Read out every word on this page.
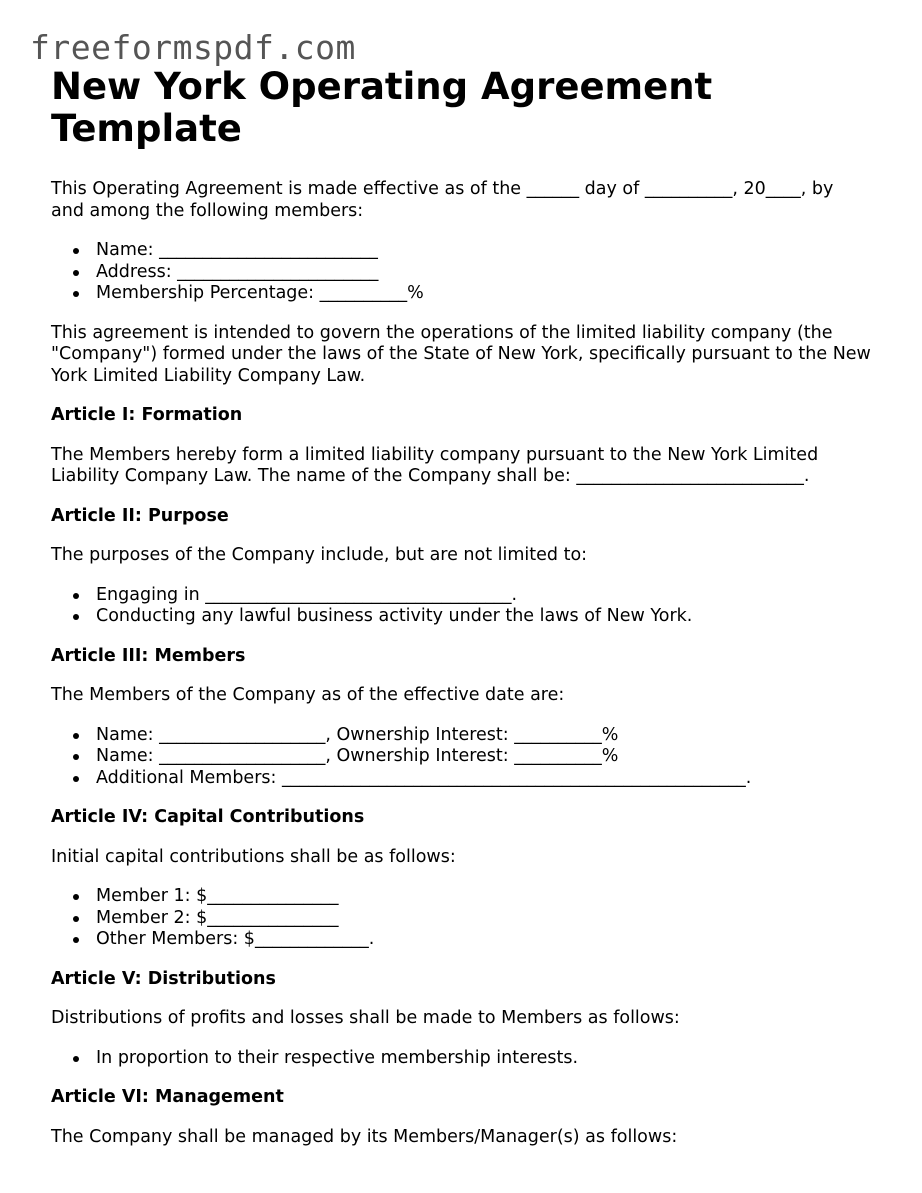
freeformspdf.com
New York Operating Agreement Template

This Operating Agreement is made effective as of the ______ day of __________, 20____, by and among the following members:

Name: _________________________
Address: _______________________
Membership Percentage: __________%

This agreement is intended to govern the operations of the limited liability company (the "Company") formed under the laws of the State of New York, specifically pursuant to the New York Limited Liability Company Law.

Article I: Formation

The Members hereby form a limited liability company pursuant to the New York Limited Liability Company Law. The name of the Company shall be: __________________________.

Article II: Purpose

The purposes of the Company include, but are not limited to:

Engaging in ___________________________________.
Conducting any lawful business activity under the laws of New York.
Article III: Members

The Members of the Company as of the effective date are:

Name: ___________________, Ownership Interest: __________%
Name: ___________________, Ownership Interest: __________%
Additional Members: _____________________________________________________.
Article IV: Capital Contributions

Initial capital contributions shall be as follows:

Member 1: $_______________
Member 2: $_______________
Other Members: $_____________.
Article V: Distributions

Distributions of profits and losses shall be made to Members as follows:

In proportion to their respective membership interests.
Article VI: Management

The Company shall be managed by its Members/Manager(s) as follows:
